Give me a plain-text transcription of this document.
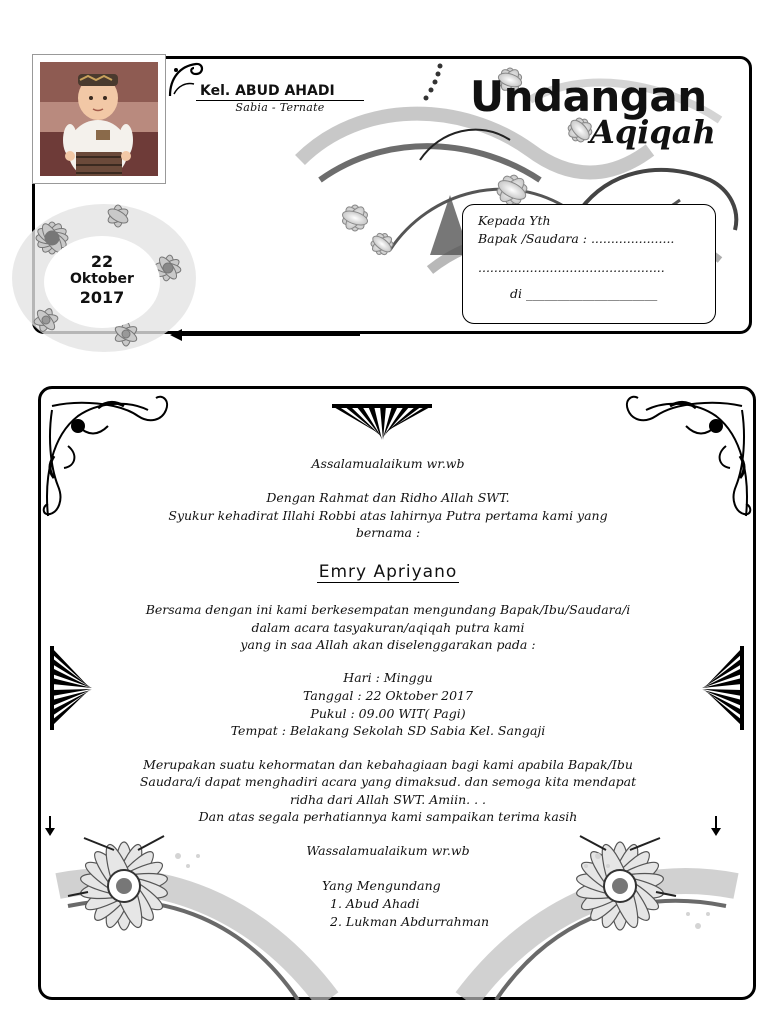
Kel. ABUD AHADI
Sabia - Ternate	Undangan
Aqiqah
22
Oktober
2017
Kepada Yth
Bapak /Saudara : .....................
...............................................
di _____________________
Assalamualaikum wr.wb
Dengan Rahmat dan Ridho Allah SWT.
Syukur kehadirat Illahi Robbi atas lahirnya Putra pertama kami yang
bernama :
Emry Apriyano
Bersama dengan ini kami berkesempatan mengundang Bapak/Ibu/Saudara/i
dalam acara tasyakuran/aqiqah putra kami
yang in saa Allah akan diselenggarakan pada :
Hari : Minggu
Tanggal : 22 Oktober 2017
Pukul : 09.00 WIT( Pagi)
Tempat : Belakang Sekolah SD Sabia Kel. Sangaji
Merupakan suatu kehormatan dan kebahagiaan bagi kami apabila Bapak/Ibu
Saudara/i dapat menghadiri acara yang dimaksud. dan semoga kita mendapat
ridha dari Allah SWT. Amiin. . .
Dan atas segala perhatiannya kami sampaikan terima kasih
Wassalamualaikum wr.wb
Yang Mengundang
1. Abud Ahadi
2. Lukman Abdurrahman
